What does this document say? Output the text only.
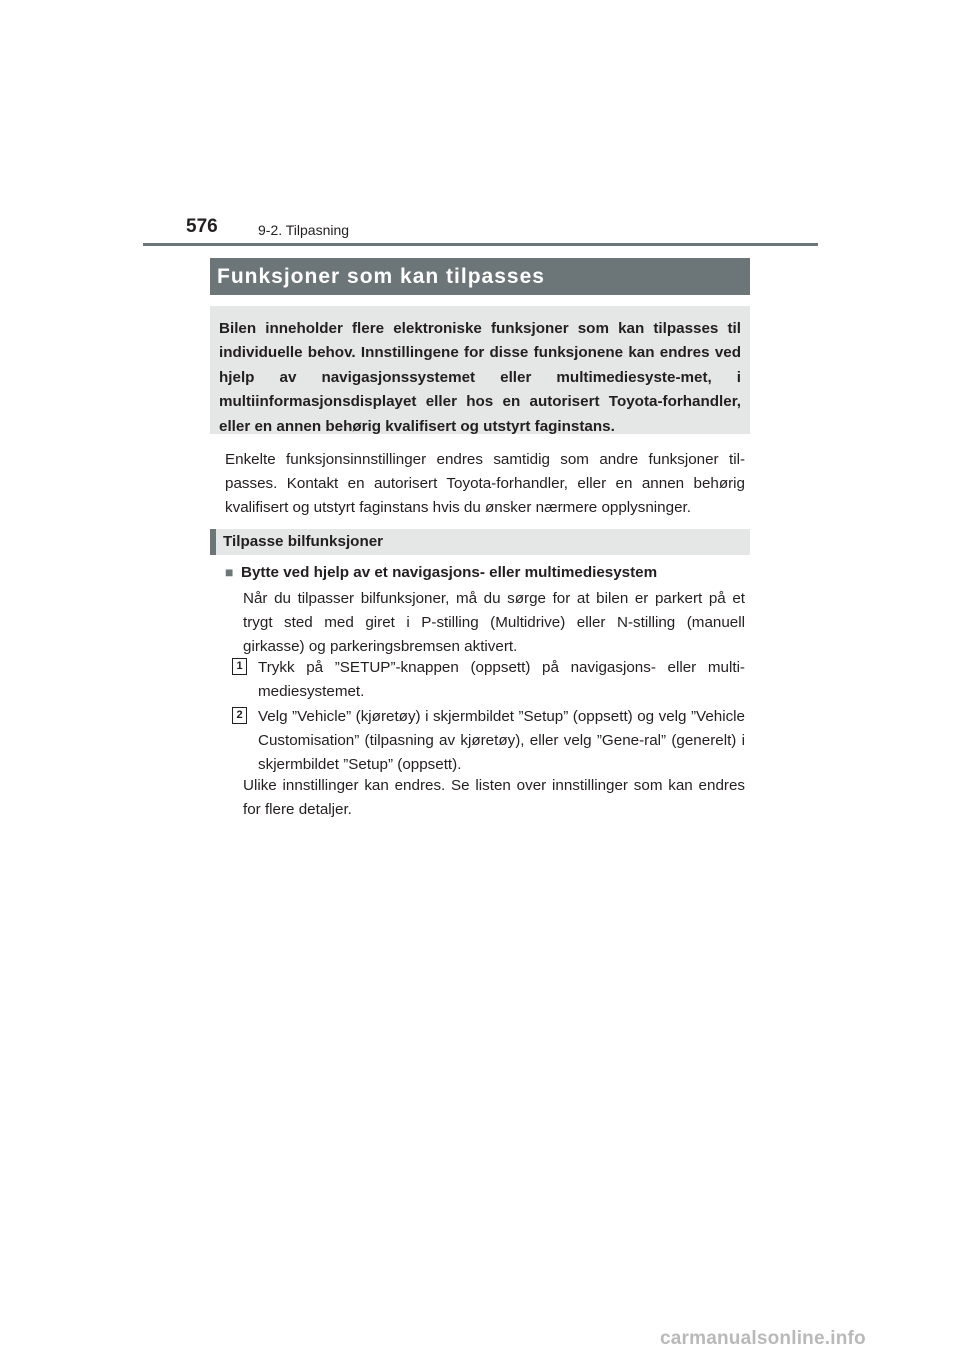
576	9-2. Tilpasning
Funksjoner som kan tilpasses

Bilen inneholder flere elektroniske funksjoner som kan tilpasses til individuelle behov. Innstillingene for disse funksjonene kan endres ved hjelp av navigasjonssystemet eller multimediesyste-met, i multiinformasjonsdisplayet eller hos en autorisert Toyota-forhandler, eller en annen behørig kvalifisert og utstyrt faginstans.

Enkelte funksjonsinnstillinger endres samtidig som andre funksjoner til-passes. Kontakt en autorisert Toyota-forhandler, eller en annen behørig kvalifisert og utstyrt faginstans hvis du ønsker nærmere opplysninger.

Tilpasse bilfunksjoner
■ Bytte ved hjelp av et navigasjons- eller multimediesystem

Når du tilpasser bilfunksjoner, må du sørge for at bilen er parkert på et trygt sted med giret i P-stilling (Multidrive) eller N-stilling (manuell girkasse) og parkeringsbremsen aktivert.

1 Trykk på ”SETUP”-knappen (oppsett) på navigasjons- eller multi-mediesystemet.

2 Velg ”Vehicle” (kjøretøy) i skjermbildet ”Setup” (oppsett) og velg ”Vehicle Customisation” (tilpasning av kjøretøy), eller velg ”Gene-ral” (generelt) i skjermbildet ”Setup” (oppsett).

Ulike innstillinger kan endres. Se listen over innstillinger som kan endres for flere detaljer.

carmanualsonline.info
